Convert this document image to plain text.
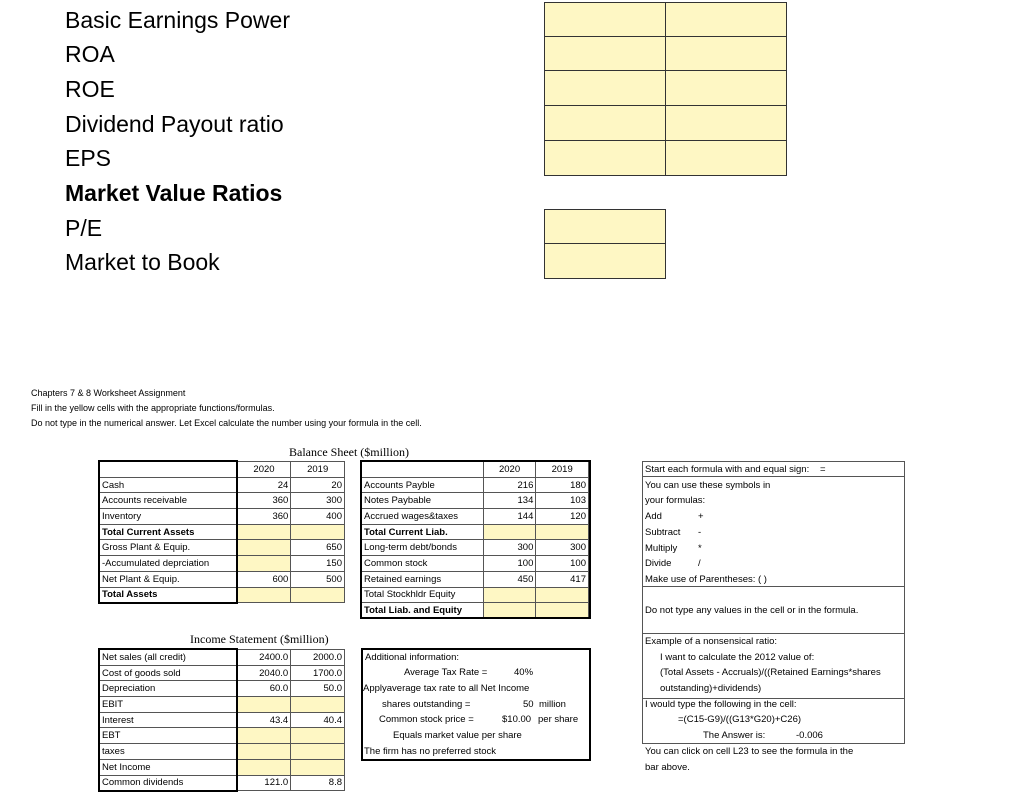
Basic Earnings Power
ROA
ROE
Dividend Payout ratio
EPS
Market Value Ratios
P/E
Market to Book
Chapters 7 & 8 Worksheet Assignment
Fill in the yellow cells with the appropriate functions/formulas.
Do not type in the numerical answer. Let Excel calculate the number using your formula in the cell.
Balance Sheet ($million)
	2020	2019
Cash	24	20
Accounts receivable	360	300
Inventory	360	400
Total Current Assets		
Gross Plant & Equip.		650
-Accumulated deprciation		150
Net Plant & Equip.	600	500
Total Assets		
	2020	2019
Accounts Payble	216	180
Notes Paybable	134	103
Accrued wages&taxes	144	120
Total Current Liab.		
Long-term debt/bonds	300	300
Common stock	100	100
Retained earnings	450	417
Total Stockhldr Equity		
Total Liab. and Equity		
Income Statement ($million)
Net sales (all credit)	2400.0	2000.0
Cost of goods sold	2040.0	1700.0
Depreciation	60.0	50.0
EBIT		
Interest	43.4	40.4
EBT		
taxes		
Net Income		
Common dividends	121.0	8.8
Additional information:
Average Tax Rate =	40%
Applyaverage tax rate to all Net Income
shares outstanding =	50 million
Common stock price =	$10.00 per share
Equals market value per share
The firm has no preferred stock
Start each formula with and equal sign: =
You can use these symbols in
your formulas:
Add	+
Subtract -
Multiply *
Divide	/
Make use of Parentheses: ( )
Do not type any values in the cell or in the formula.
Example of a nonsensical ratio:
I want to calculate the 2012 value of:
(Total Assets - Accruals)/((Retained Earnings*shares
outstanding)+dividends)
I would type the following in the cell:
=(C15-G9)/((G13*G20)+C26)
The Answer is:	-0.006
You can click on cell L23 to see the formula in the
bar above.
